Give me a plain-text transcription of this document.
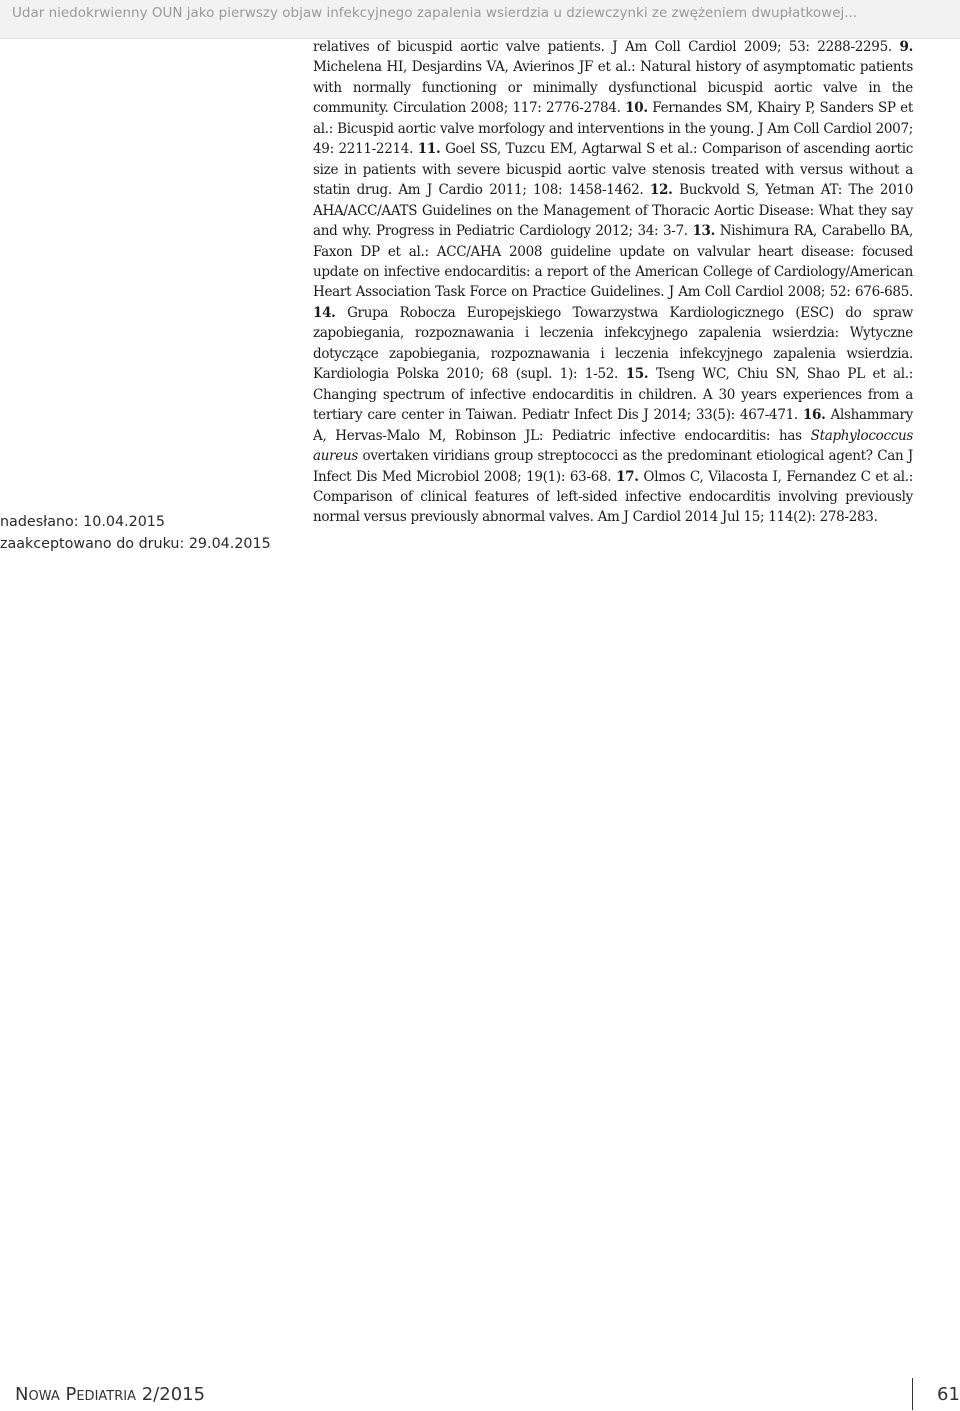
Udar niedokrwienny OUN jako pierwszy objaw infekcyjnego zapalenia wsierdzia u dziewczynki ze zwężeniem dwupłatkowej...
nadesłano: 10.04.2015
zaakceptowano do druku: 29.04.2015
relatives of bicuspid aortic valve patients. J Am Coll Cardiol 2009; 53: 2288-2295. 9. Michelena HI, Desjardins VA, Avierinos JF et al.: Natural history of asymptomatic patients with normally functioning or minimally dysfunctional bicuspid aortic valve in the community. Circulation 2008; 117: 2776-2784. 10. Fernandes SM, Khairy P, Sanders SP et al.: Bicuspid aortic valve morfology and interventions in the young. J Am Coll Cardiol 2007; 49: 2211-2214. 11. Goel SS, Tuzcu EM, Agtarwal S et al.: Comparison of ascending aortic size in patients with severe bicuspid aortic valve stenosis treated with versus without a statin drug. Am J Cardio 2011; 108: 1458-1462. 12. Buckvold S, Yetman AT: The 2010 AHA/ACC/AATS Guidelines on the Management of Thoracic Aortic Disease: What they say and why. Progress in Pediatric Cardiology 2012; 34: 3-7. 13. Nishimura RA, Carabello BA, Faxon DP et al.: ACC/AHA 2008 guideline update on valvular heart disease: focused update on infective endocarditis: a report of the American College of Cardiology/American Heart Association Task Force on Practice Guidelines. J Am Coll Cardiol 2008; 52: 676-685. 14. Grupa Robocza Europejskiego Towarzystwa Kardiologicznego (ESC) do spraw zapobiegania, rozpoznawania i leczenia infekcyjnego zapalenia wsierdzia: Wytyczne dotyczące zapobiegania, rozpoznawania i leczenia infekcyjnego zapalenia wsierdzia. Kardiologia Polska 2010; 68 (supl. 1): 1-52. 15. Tseng WC, Chiu SN, Shao PL et al.: Changing spectrum of infective endocarditis in children. A 30 years experiences from a tertiary care center in Taiwan. Pediatr Infect Dis J 2014; 33(5): 467-471. 16. Alshammary A, Hervas-Malo M, Robinson JL: Pediatric infective endocarditis: has Staphylococcus aureus overtaken viridians group streptococci as the predominant etiological agent? Can J Infect Dis Med Microbiol 2008; 19(1): 63-68. 17. Olmos C, Vilacosta I, Fernandez C et al.: Comparison of clinical features of left-sided infective endocarditis involving previously normal versus previously abnormal valves. Am J Cardiol 2014 Jul 15; 114(2): 278-283.
Nowa Pediatria 2/2015	61
